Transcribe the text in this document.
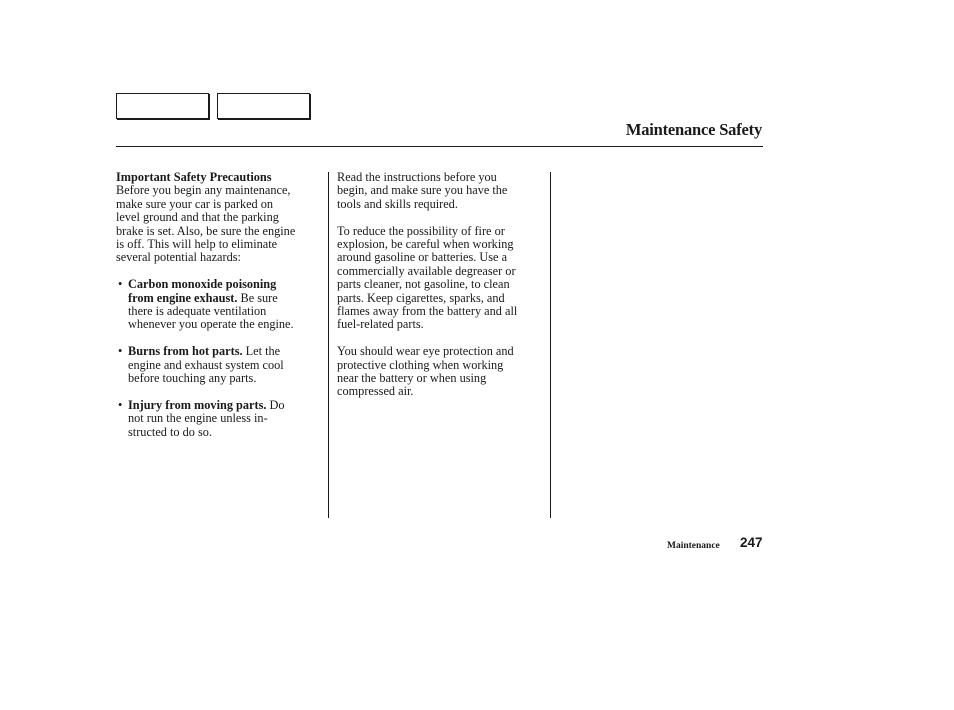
Maintenance Safety
Important Safety Precautions
Before you begin any maintenance,
make sure your car is parked on
level ground and that the parking
brake is set. Also, be sure the engine
is off. This will help to eliminate
several potential hazards:
• Carbon monoxide poisoning
from engine exhaust. Be sure
there is adequate ventilation
whenever you operate the engine.
• Burns from hot parts. Let the
engine and exhaust system cool
before touching any parts.
• Injury from moving parts. Do
not run the engine unless in-
structed to do so.
Read the instructions before you
begin, and make sure you have the
tools and skills required.
To reduce the possibility of fire or
explosion, be careful when working
around gasoline or batteries. Use a
commercially available degreaser or
parts cleaner, not gasoline, to clean
parts. Keep cigarettes, sparks, and
flames away from the battery and all
fuel-related parts.
You should wear eye protection and
protective clothing when working
near the battery or when using
compressed air.
Maintenance 247
